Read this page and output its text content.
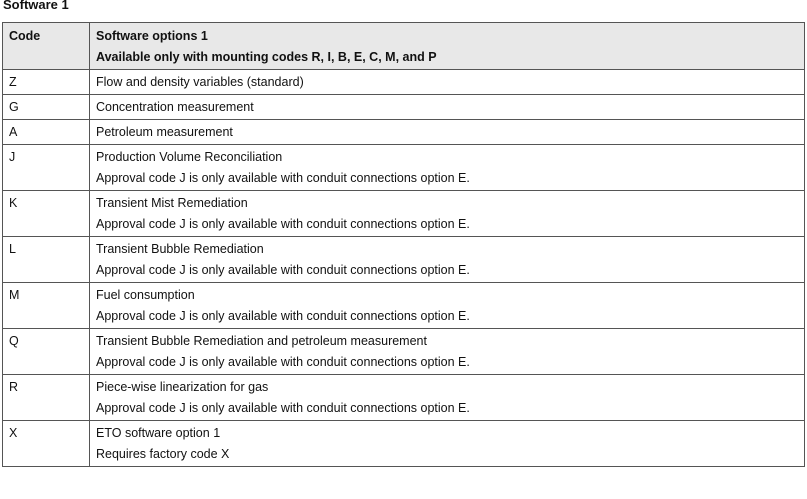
Software 1
Code	Software options 1
Available only with mounting codes R, I, B, E, C, M, and P

Z	Flow and density variables (standard)

G	Concentration measurement

A	Petroleum measurement

J	Production Volume Reconciliation
Approval code J is only available with conduit connections option E.

K	Transient Mist Remediation
Approval code J is only available with conduit connections option E.

L	Transient Bubble Remediation
Approval code J is only available with conduit connections option E.

M	Fuel consumption
Approval code J is only available with conduit connections option E.

Q	Transient Bubble Remediation and petroleum measurement
Approval code J is only available with conduit connections option E.

R	Piece-wise linearization for gas
Approval code J is only available with conduit connections option E.

X	ETO software option 1
Requires factory code X
